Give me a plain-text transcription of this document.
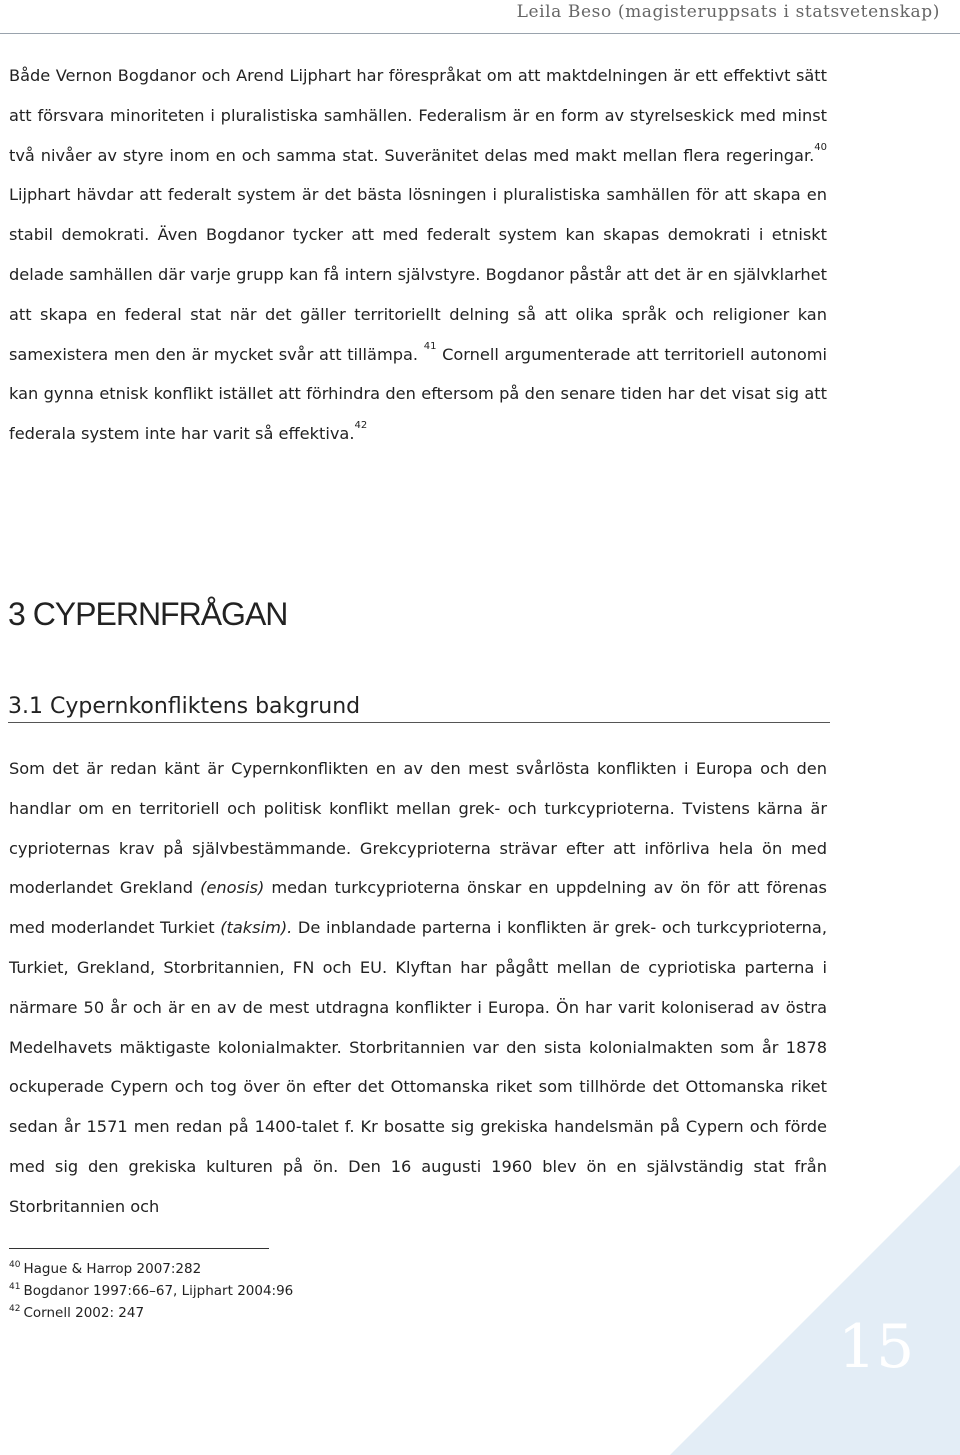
Leila Beso (magisteruppsats i statsvetenskap)

Både Vernon Bogdanor och Arend Lijphart har förespråkat om att maktdelningen är ett effektivt sätt att försvara minoriteten i pluralistiska samhällen. Federalism är en form av styrelseskick med minst två nivåer av styre inom en och samma stat. Suveränitet delas med makt mellan flera regeringar.$^{40}$ Lijphart hävdar att federalt system är det bästa lösningen i pluralistiska samhällen för att skapa en stabil demokrati. Även Bogdanor tycker att med federalt system kan skapas demokrati i etniskt delade samhällen där varje grupp kan få intern självstyre. Bogdanor påstår att det är en självklarhet att skapa en federal stat när det gäller territoriellt delning så att olika språk och religioner kan samexistera men den är mycket svår att tillämpa. $^{41}$ Cornell argumenterade att territoriell autonomi kan gynna etnisk konflikt istället att förhindra den eftersom på den senare tiden har det visat sig att federala system inte har varit så effektiva.$^{42}$

3 CYPERNFRÅGAN
3.1 Cypernkonfliktens bakgrund

Som det är redan känt är Cypernkonflikten en av den mest svårlösta konflikten i Europa och den handlar om en territoriell och politisk konflikt mellan grek- och turkcyprioterna. Tvistens kärna är cyprioternas krav på självbestämmande. Grekcyprioterna strävar efter att införliva hela ön med moderlandet Grekland (enosis) medan turkcyprioterna önskar en uppdelning av ön för att förenas med moderlandet Turkiet (taksim). De inblandade parterna i konflikten är grek- och turkcyprioterna, Turkiet, Grekland, Storbritannien, FN och EU. Klyftan har pågått mellan de cypriotiska parterna i närmare 50 år och är en av de mest utdragna konflikter i Europa. Ön har varit koloniserad av östra Medelhavets mäktigaste kolonialmakter. Storbritannien var den sista kolonialmakten som år 1878 ockuperade Cypern och tog över ön efter det Ottomanska riket som tillhörde det Ottomanska riket sedan år 1571 men redan på 1400-talet f. Kr bosatte sig grekiska handelsmän på Cypern och förde med sig den grekiska kulturen på ön. Den 16 augusti 1960 blev ön en självständig stat från Storbritannien och

$^{40}$ Hague & Harrop 2007:282
$^{41}$ Bogdanor 1997:66–67, Lijphart 2004:96
$^{42}$ Cornell 2002: 247	15
